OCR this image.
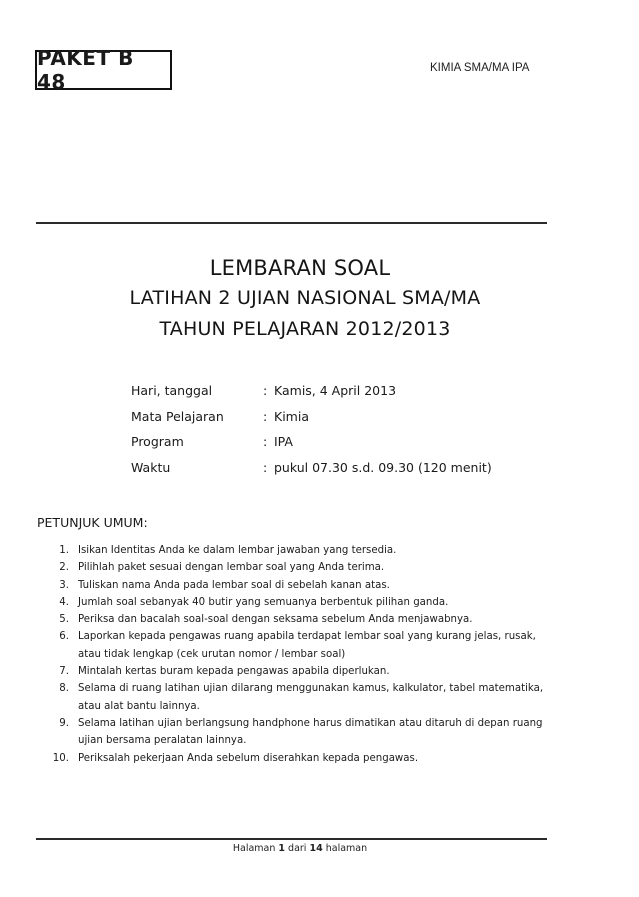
PAKET B 48
KIMIA SMA/MA IPA
LEMBARAN SOAL
LATIHAN 2 UJIAN NASIONAL SMA/MA
TAHUN PELAJARAN 2012/2013
Hari, tanggal	: Kamis, 4 April 2013
Mata Pelajaran	: Kimia
Program	: IPA
Waktu	: pukul 07.30 s.d. 09.30 (120 menit)
PETUNJUK UMUM:
1. Isikan Identitas Anda ke dalam lembar jawaban yang tersedia.
2. Pilihlah paket sesuai dengan lembar soal yang Anda terima.
3. Tuliskan nama Anda pada lembar soal di sebelah kanan atas.
4. Jumlah soal sebanyak 40 butir yang semuanya berbentuk pilihan ganda.
5. Periksa dan bacalah soal-soal dengan seksama sebelum Anda menjawabnya.
6. Laporkan kepada pengawas ruang apabila terdapat lembar soal yang kurang jelas, rusak, atau tidak lengkap (cek urutan nomor / lembar soal)
7. Mintalah kertas buram kepada pengawas apabila diperlukan.
8. Selama di ruang latihan ujian dilarang menggunakan kamus, kalkulator, tabel matematika, atau alat bantu lainnya.
9. Selama latihan ujian berlangsung handphone harus dimatikan atau ditaruh di depan ruang ujian bersama peralatan lainnya.
10. Periksalah pekerjaan Anda sebelum diserahkan kepada pengawas.
Halaman 1 dari 14 halaman
